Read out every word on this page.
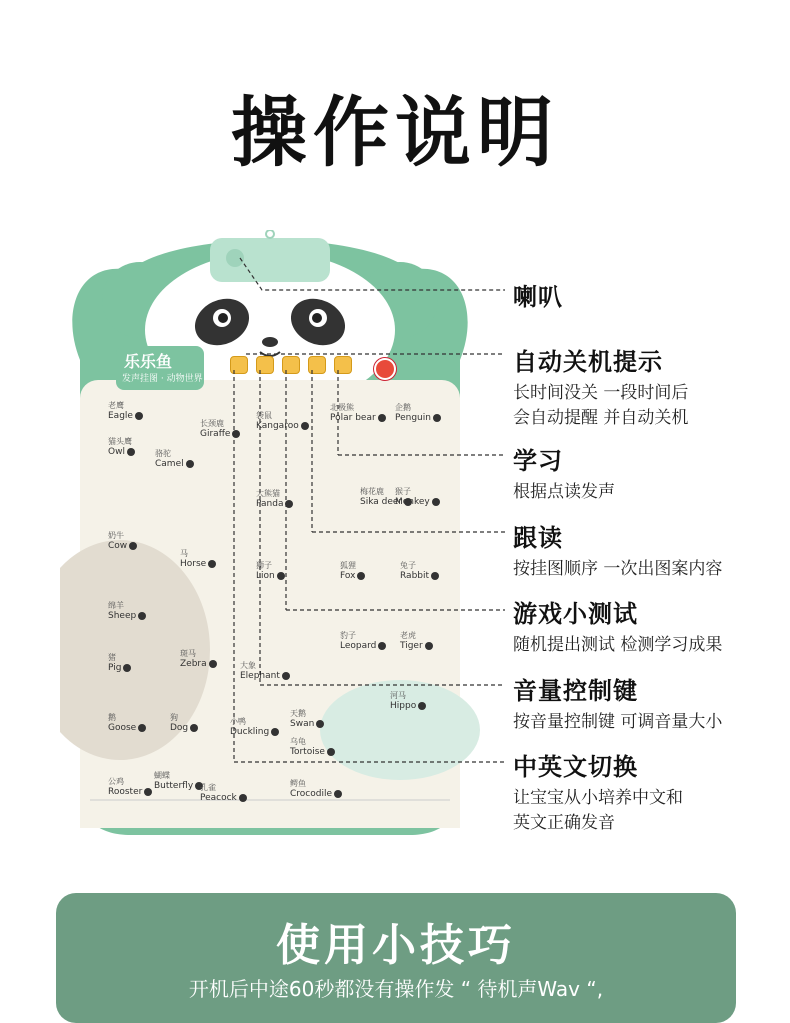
操作说明
乐乐鱼
发声挂图 · 动物世界
老鹰
Eagle
长颈鹿
Giraffe
袋鼠
Kangaroo
北极熊
Polar bear
企鹅
Penguin
猫头鹰
Owl	骆驼
Camel
大熊猫
Panda
梅花鹿
Sika deer
猴子
Monkey
奶牛
Cow
马
Horse	狮子
Lion
狐狸
Fox
兔子
Rabbit
绵羊
Sheep
豹子
Leopard
老虎
Tiger
斑马
Zebra	大象
Elephant
猪
Pig
河马
Hippo
鹅
Goose
狗
Dog
小鸭
Duckling
天鹅
Swan
乌龟
Tortoise
公鸡
Rooster
蝴蝶
Butterfly 孔雀
Peacock
鳄鱼
Crocodile
喇叭
自动关机提示
长时间没关 一段时间后
会自动提醒 并自动关机
学习
根据点读发声
跟读
按挂图顺序 一次出图案内容
游戏小测试
随机提出测试 检测学习成果
音量控制键
按音量控制键 可调音量大小
中英文切换
让宝宝从小培养中文和
英文正确发音
使用小技巧
开机后中途60秒都没有操作发 “ 待机声Wav “,
